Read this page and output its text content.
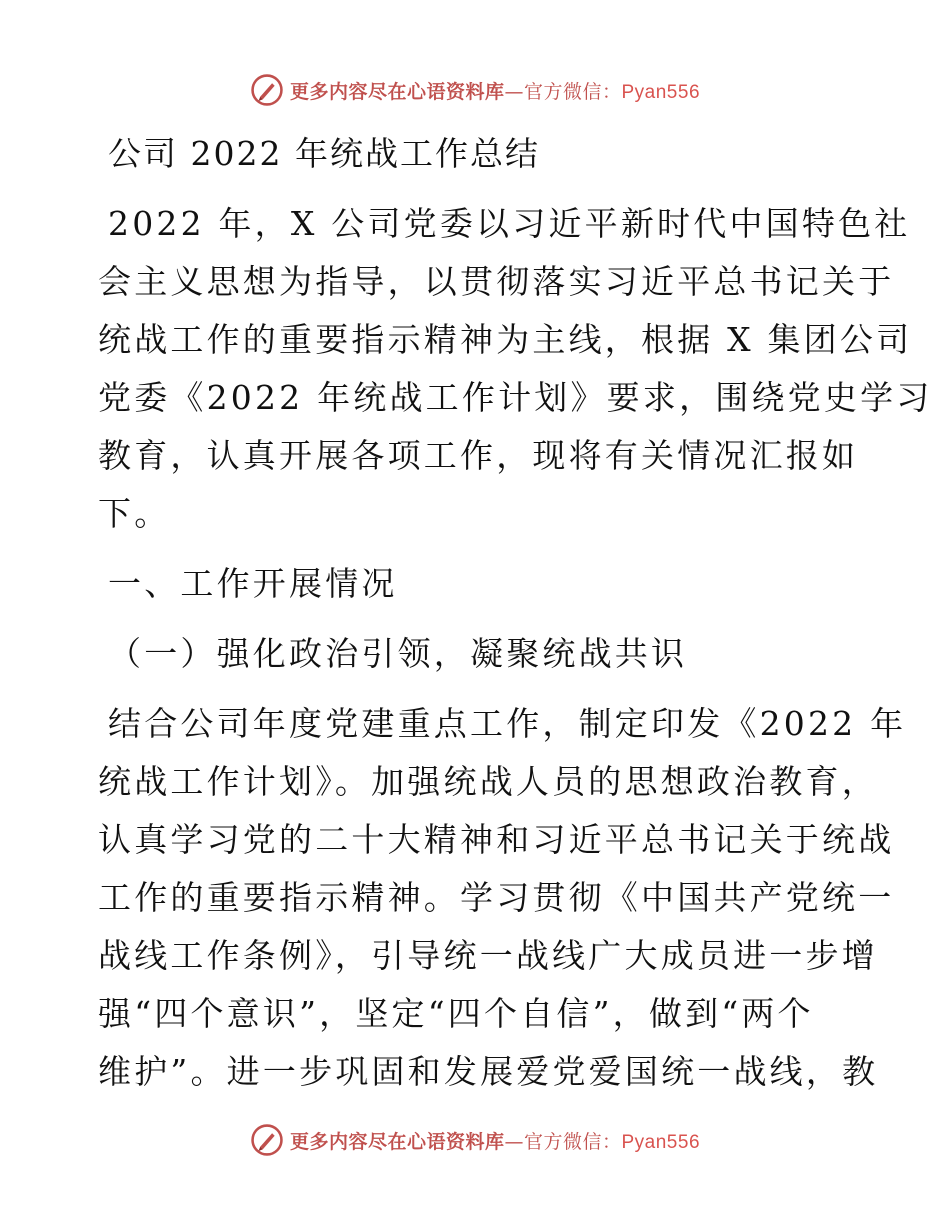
更多内容尽在心语资料库—官方微信：Pyan556
公司 2022 年统战工作总结
2022 年，X 公司党委以习近平新时代中国特色社
会主义思想为指导，以贯彻落实习近平总书记关于
统战工作的重要指示精神为主线，根据 X 集团公司
党委《2022 年统战工作计划》要求，围绕党史学习
教育，认真开展各项工作，现将有关情况汇报如
下。
一、工作开展情况
（一）强化政治引领，凝聚统战共识
结合公司年度党建重点工作，制定印发《2022 年
统战工作计划》。加强统战人员的思想政治教育，
认真学习党的二十大精神和习近平总书记关于统战
工作的重要指示精神。学习贯彻《中国共产党统一
战线工作条例》，引导统一战线广大成员进一步增
强“四个意识”，坚定“四个自信”，做到“两个
维护”。进一步巩固和发展爱党爱国统一战线，教
更多内容尽在心语资料库—官方微信：Pyan556
